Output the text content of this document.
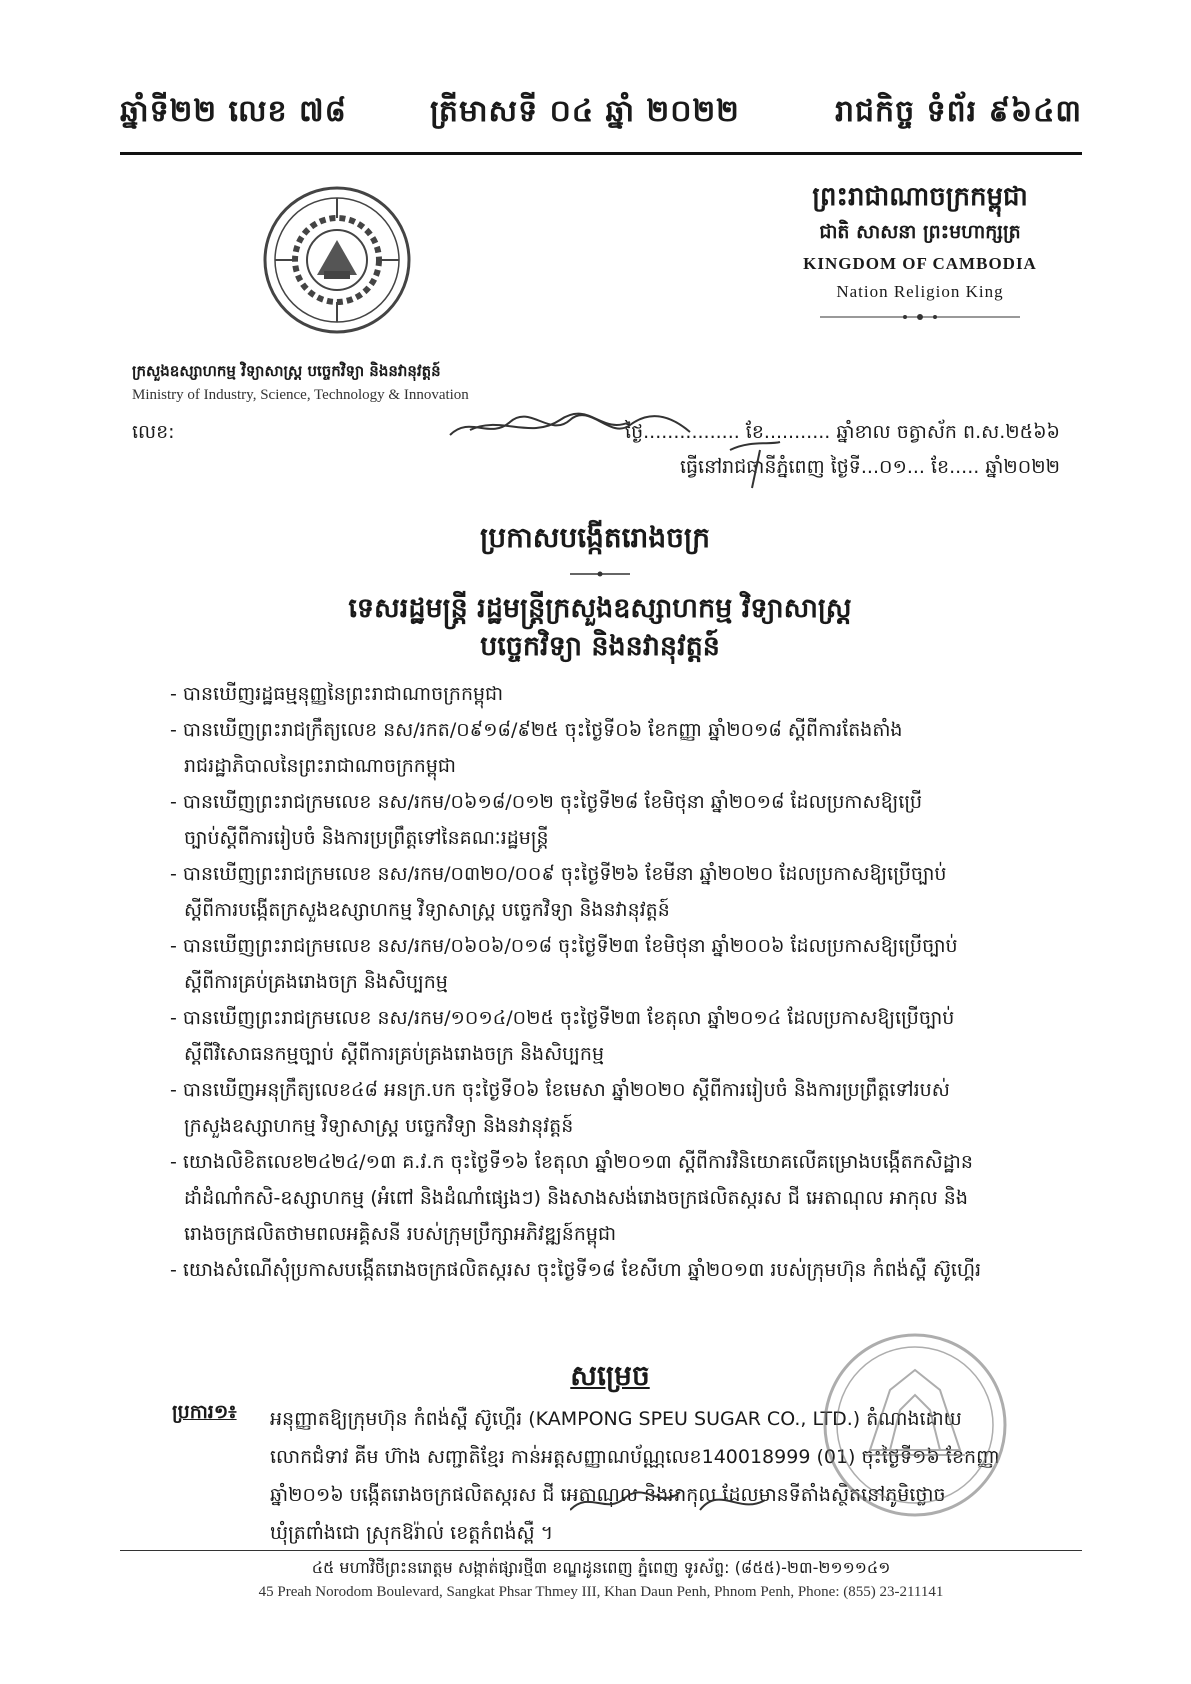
ឆ្នាំទី២២ លេខ ៧៨	ត្រីមាសទី ០៤ ឆ្នាំ ២០២២	រាជកិច្ច ទំព័រ ៩៦៤៣
ព្រះរាជាណាចក្រកម្ពុជា
ជាតិ សាសនា ព្រះមហាក្សត្រ
KINGDOM OF CAMBODIA
Nation Religion King
ក្រសួងឧស្សាហកម្ម វិទ្យាសាស្ត្រ បច្ចេកវិទ្យា និងនវានុវត្តន៍
Ministry of Industry, Science, Technology & Innovation
លេខ:	ថ្ងៃ................ ខែ........... ឆ្នាំខាល ចត្វាស័ក ព.ស.២៥៦៦
ធ្វើនៅរាជធានីភ្នំពេញ ថ្ងៃទី...០១... ខែ..... ឆ្នាំ២០២២
ប្រកាសបង្កើតរោងចក្រ
ទេសរដ្ឋមន្ត្រី រដ្ឋមន្ត្រីក្រសួងឧស្សាហកម្ម វិទ្យាសាស្ត្រ
បច្ចេកវិទ្យា និងនវានុវត្តន៍

- បានឃើញរដ្ឋធម្មនុញ្ញនៃព្រះរាជាណាចក្រកម្ពុជា

- បានឃើញព្រះរាជក្រឹត្យលេខ នស/រកត/០៩១៨/៩២៥ ចុះថ្ងៃទី០៦ ខែកញ្ញា ឆ្នាំ២០១៨ ស្តីពីការតែងតាំង

រាជរដ្ឋាភិបាលនៃព្រះរាជាណាចក្រកម្ពុជា

- បានឃើញព្រះរាជក្រមលេខ នស/រកម/០៦១៨/០១២ ចុះថ្ងៃទី២៨ ខែមិថុនា ឆ្នាំ២០១៨ ដែលប្រកាសឱ្យប្រើ

ច្បាប់ស្តីពីការរៀបចំ និងការប្រព្រឹត្តទៅនៃគណៈរដ្ឋមន្ត្រី

- បានឃើញព្រះរាជក្រមលេខ នស/រកម/០៣២០/០០៩ ចុះថ្ងៃទី២៦ ខែមីនា ឆ្នាំ២០២០ ដែលប្រកាសឱ្យប្រើច្បាប់

ស្តីពីការបង្កើតក្រសួងឧស្សាហកម្ម វិទ្យាសាស្ត្រ បច្ចេកវិទ្យា និងនវានុវត្តន៍

- បានឃើញព្រះរាជក្រមលេខ នស/រកម/០៦០៦/០១៨ ចុះថ្ងៃទី២៣ ខែមិថុនា ឆ្នាំ២០០៦ ដែលប្រកាសឱ្យប្រើច្បាប់

ស្តីពីការគ្រប់គ្រងរោងចក្រ និងសិប្បកម្ម

- បានឃើញព្រះរាជក្រមលេខ នស/រកម/១០១៤/០២៥ ចុះថ្ងៃទី២៣ ខែតុលា ឆ្នាំ២០១៤ ដែលប្រកាសឱ្យប្រើច្បាប់

ស្តីពីវិសោធនកម្មច្បាប់ ស្តីពីការគ្រប់គ្រងរោងចក្រ និងសិប្បកម្ម

- បានឃើញអនុក្រឹត្យលេខ៤៨ អនក្រ.បក ចុះថ្ងៃទី០៦ ខែមេសា ឆ្នាំ២០២០ ស្តីពីការរៀបចំ និងការប្រព្រឹត្តទៅរបស់

ក្រសួងឧស្សាហកម្ម វិទ្យាសាស្ត្រ បច្ចេកវិទ្យា និងនវានុវត្តន៍

- យោងលិខិតលេខ២៤២៤/១៣ គ.វ.ក ចុះថ្ងៃទី១៦ ខែតុលា ឆ្នាំ២០១៣ ស្តីពីការវិនិយោគលើគម្រោងបង្កើតកសិដ្ឋាន

ដាំដំណាំកសិ-ឧស្សាហកម្ម (អំពៅ និងដំណាំផ្សេងៗ) និងសាងសង់រោងចក្រផលិតស្ករស ជី អេតាណុល អាកុល និង

រោងចក្រផលិតថាមពលអគ្គិសនី របស់ក្រុមប្រឹក្សាអភិវឌ្ឍន៍កម្ពុជា

- យោងសំណើសុំប្រកាសបង្កើតរោងចក្រផលិតស្ករស ចុះថ្ងៃទី១៨ ខែសីហា ឆ្នាំ២០១៣ របស់ក្រុមហ៊ុន កំពង់ស្ពឺ ស៊ូហ្គើរ

សម្រេច
ប្រការ១៖ អនុញ្ញាតឱ្យក្រុមហ៊ុន កំពង់ស្ពឺ ស៊ូហ្គើរ (KAMPONG SPEU SUGAR CO., LTD.) តំណាងដោយ
លោកជំទាវ គីម ហ៊ាង សញ្ជាតិខ្មែរ កាន់អត្តសញ្ញាណប័ណ្ណលេខ140018999 (01) ចុះថ្ងៃទី១៦ ខែកញ្ញា
ឆ្នាំ២០១៦ បង្កើតរោងចក្រផលិតស្ករស ជី អេតាណុល និងអាកុល ដែលមានទីតាំងស្ថិតនៅភូមិថ្លោច
ឃុំត្រពាំងជោ ស្រុកឱរ៉ាល់ ខេត្តកំពង់ស្ពឺ ។
៤៥ មហាវិថីព្រះនរោត្តម សង្កាត់ផ្សារថ្មី៣ ខណ្ឌដូនពេញ ភ្នំពេញ ទូរស័ព្ទ: (៨៥៥)-២៣-២១១១៤១
45 Preah Norodom Boulevard, Sangkat Phsar Thmey III, Khan Daun Penh, Phnom Penh, Phone: (855) 23-211141
